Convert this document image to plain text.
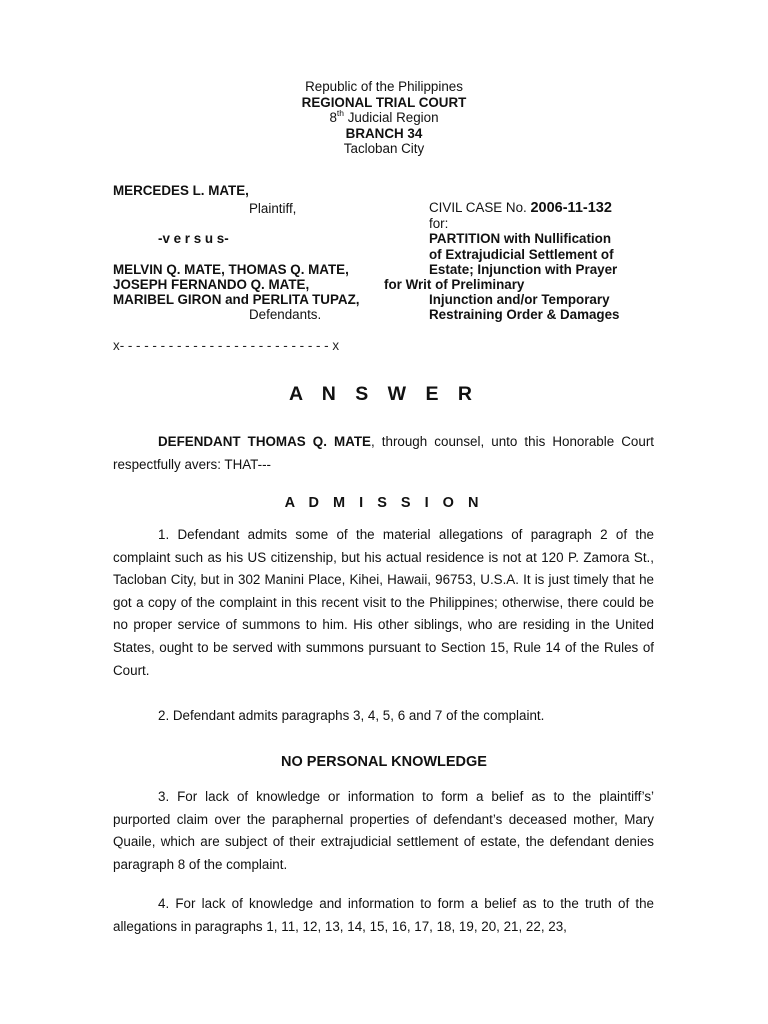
Republic of the Philippines
REGIONAL TRIAL COURT
8th Judicial Region
BRANCH 34
Tacloban City
MERCEDES L. MATE,
Plaintiff,
-v e r s u s-
MELVIN Q. MATE, THOMAS Q. MATE,
JOSEPH FERNANDO Q. MATE,
MARIBEL GIRON and PERLITA TUPAZ,
Defendants.
CIVIL CASE No. 2006-11-132
for:
PARTITION with Nullification
of Extrajudicial Settlement of
Estate; Injunction with Prayer
for Writ of Preliminary
Injunction and/or Temporary
Restraining Order & Damages
x- - - - - - - - - - - - - - - - - - - - - - - - - - x
A N S W E R
DEFENDANT THOMAS Q. MATE, through counsel, unto this Honorable Court respectfully avers: THAT---
A D M I S S I O N
1. Defendant admits some of the material allegations of paragraph 2 of the complaint such as his US citizenship, but his actual residence is not at 120 P. Zamora St., Tacloban City, but in 302 Manini Place, Kihei, Hawaii, 96753, U.S.A. It is just timely that he got a copy of the complaint in this recent visit to the Philippines; otherwise, there could be no proper service of summons to him. His other siblings, who are residing in the United States, ought to be served with summons pursuant to Section 15, Rule 14 of the Rules of Court.
2. Defendant admits paragraphs 3, 4, 5, 6 and 7 of the complaint.
NO PERSONAL KNOWLEDGE
3. For lack of knowledge or information to form a belief as to the plaintiff’s’ purported claim over the paraphernal properties of defendant’s deceased mother, Mary Quaile, which are subject of their extrajudicial settlement of estate, the defendant denies paragraph 8 of the complaint.
4. For lack of knowledge and information to form a belief as to the truth of the allegations in paragraphs 1, 11, 12, 13, 14, 15, 16, 17, 18, 19, 20, 21, 22, 23,
